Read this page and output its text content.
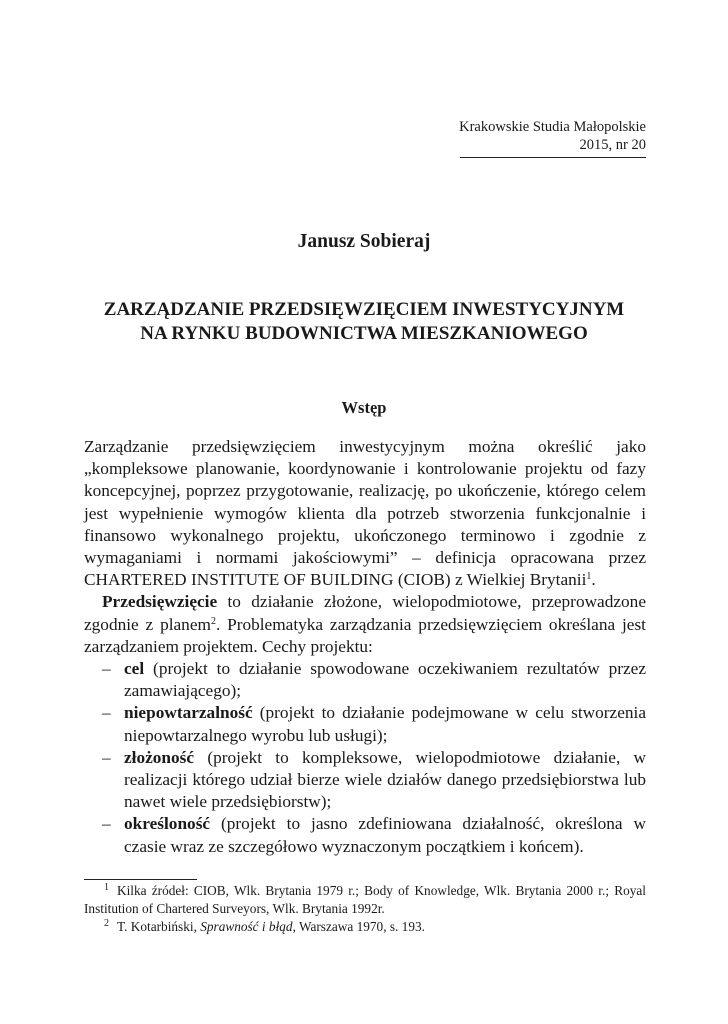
Krakowskie Studia Małopolskie
2015, nr 20
Janusz Sobieraj
ZARZĄDZANIE PRZEDSIĘWZIĘCIEM INWESTYCYJNYM
NA RYNKU BUDOWNICTWA MIESZKANIOWEGO
Wstęp

Zarządzanie przedsięwzięciem inwestycyjnym można określić jako „kompleksowe planowanie, koordynowanie i kontrolowanie projektu od fazy koncepcyjnej, poprzez przygotowanie, realizację, po ukończenie, którego celem jest wypełnienie wymogów klienta dla potrzeb stworzenia funkcjonalnie i finansowo wykonalnego projektu, ukończonego terminowo i zgodnie z wymaganiami i normami jakościowymi” – definicja opracowana przez CHARTERED INSTITUTE OF BUILDING (CIOB) z Wielkiej Brytanii$^1$.

Przedsięwzięcie to działanie złożone, wielopodmiotowe, przeprowadzone zgodnie z planem$^2$. Problematyka zarządzania przedsięwzięciem określana jest zarządzaniem projektem. Cechy projektu:

– cel (projekt to działanie spowodowane oczekiwaniem rezultatów przez zamawiającego);
– niepowtarzalność (projekt to działanie podejmowane w celu stworzenia niepowtarzalnego wyrobu lub usługi);
– złożoność (projekt to kompleksowe, wielopodmiotowe działanie, w realizacji którego udział bierze wiele działów danego przedsiębiorstwa lub nawet wiele przedsiębiorstw);
– określoność (projekt to jasno zdefiniowana działalność, określona w czasie wraz ze szczegółowo wyznaczonym początkiem i końcem).

$^1$ Kilka źródeł: CIOB, Wlk. Brytania 1979 r.; Body of Knowledge, Wlk. Brytania 2000 r.; Royal Institution of Chartered Surveyors, Wlk. Brytania 1992r.

$^2$ T. Kotarbiński, Sprawność i błąd, Warszawa 1970, s. 193.
